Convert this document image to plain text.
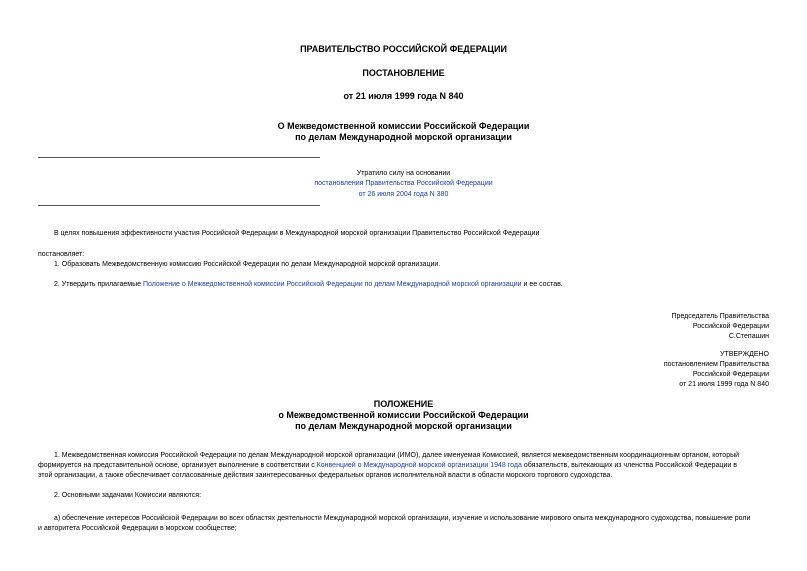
ПРАВИТЕЛЬСТВО РОССИЙСКОЙ ФЕДЕРАЦИИ
ПОСТАНОВЛЕНИЕ
от 21 июля 1999 года N 840
О Межведомственной комиссии Российской Федерации
по делам Международной морской организации
Утратило силу на основании
постановления Правительства Российской Федерации
от 26 июля 2004 года N 380
В целях повышения эффективности участия Российской Федерации в Международной морской организации Правительство Российской Федерации
постановляет:
1. Образовать Межведомственную комиссию Российской Федерации по делам Международной морской организации.
2. Утвердить прилагаемые Положение о Межведомственной комиссии Российской Федерации по делам Международной морской организации и ее состав.
Председатель Правительства
Российской Федерации
С.Степашин
УТВЕРЖДЕНО
постановлением Правительства
Российской Федерации
от 21 июля 1999 года N 840
ПОЛОЖЕНИЕ
о Межведомственной комиссии Российской Федерации
по делам Международной морской организации
1. Межведомственная комиссия Российской Федерации по делам Международной морской организации (ИМО), далее именуемая Комиссией, является межведомственным координационным органом, который
формируется на представительной основе, организует выполнение в соответствии с Конвенцией о Международной морской организации 1948 года обязательств, вытекающих из членства Российской Федерации в
этой организации, а также обеспечивает согласованные действия заинтересованных федеральных органов исполнительной власти в области морского торгового судоходства.
2. Основными задачами Комиссии являются:
а) обеспечение интересов Российской Федерации во всех областях деятельности Международной морской организации, изучение и использование мирового опыта международного судоходства, повышение роли
и авторитета Российской Федерации в морском сообществе;
